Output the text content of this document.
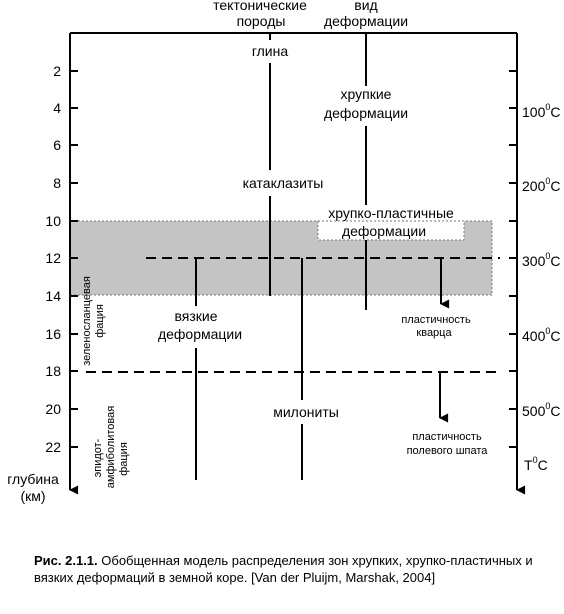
2
4
6
8
10
12
14
16
18
20
22
глубина
(км)
$100^0C$
$200^0C$
$300^0C$
$400^0C$
$500^0C$
$T^0C$
тектонические
породы
вид
деформации
глина
хрупкие
деформации
катаклазиты
хрупко-пластичные
деформации
вязкие
деформации
милониты
пластичность
кварца
пластичность
полевого шпата
зеленосланцевая фация
эпидот- амфиболитовая фация
Рис. 2.1.1. Обобщенная модель распределения зон хрупких, хрупко-пластичных и вязких деформаций в земной коре. [Van der Pluijm, Marshak, 2004]
